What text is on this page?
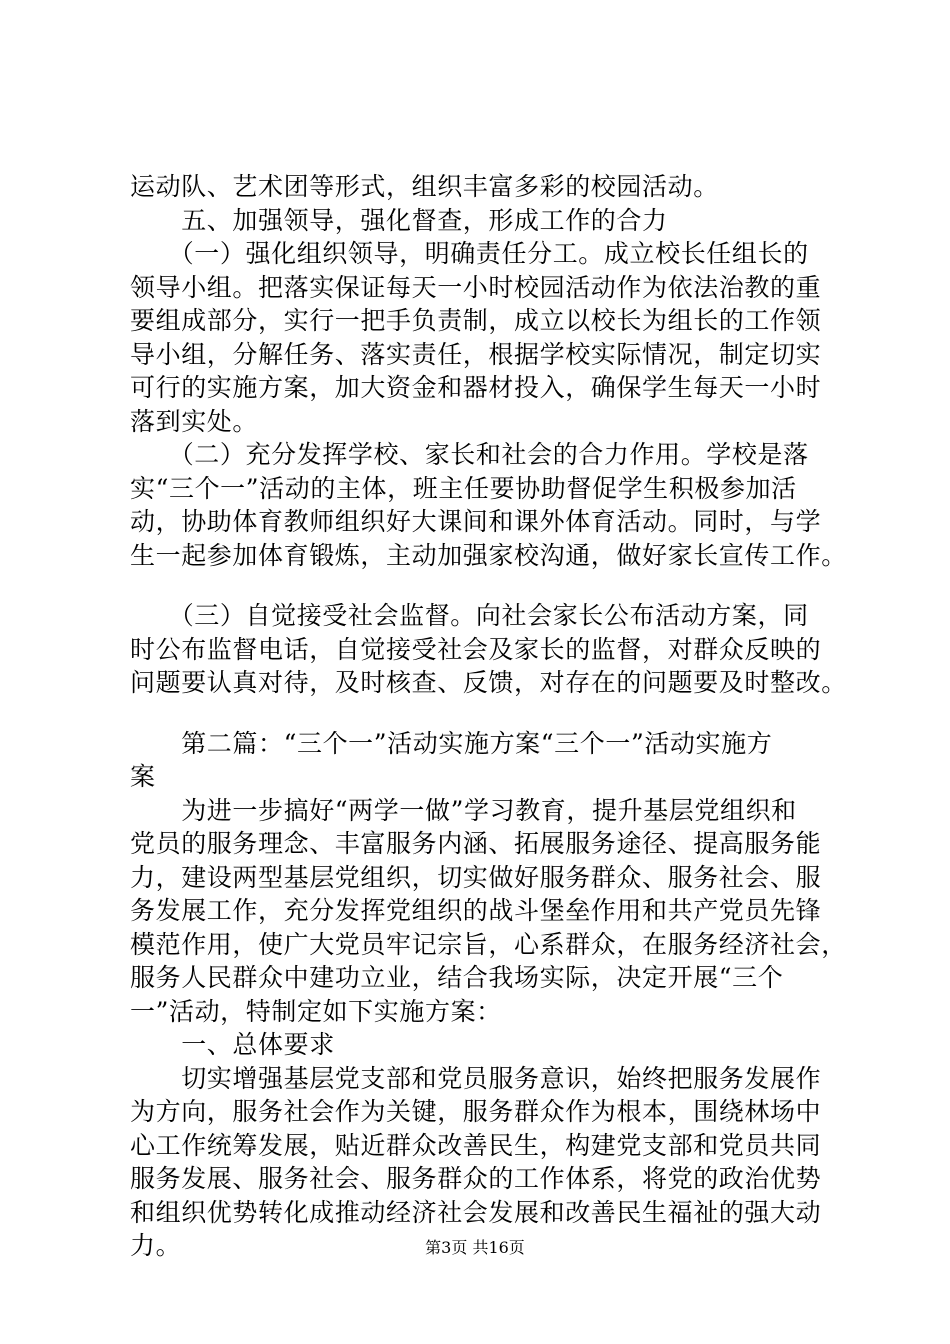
运动队、艺术团等形式，组织丰富多彩的校园活动。
　　五、加强领导，强化督查，形成工作的合力
　　（一）强化组织领导，明确责任分工。成立校长任组长的
领导小组。把落实保证每天一小时校园活动作为依法治教的重
要组成部分，实行一把手负责制，成立以校长为组长的工作领
导小组，分解任务、落实责任，根据学校实际情况，制定切实
可行的实施方案，加大资金和器材投入，确保学生每天一小时
落到实处。
　　（二）充分发挥学校、家长和社会的合力作用。学校是落
实“三个一”活动的主体，班主任要协助督促学生积极参加活
动，协助体育教师组织好大课间和课外体育活动。同时，与学
生一起参加体育锻炼，主动加强家校沟通，做好家长宣传工作。
　　（三）自觉接受社会监督。向社会家长公布活动方案，同
时公布监督电话，自觉接受社会及家长的监督，对群众反映的
问题要认真对待，及时核查、反馈，对存在的问题要及时整改。
　　第二篇：“三个一”活动实施方案“三个一”活动实施方
案
　　为进一步搞好“两学一做”学习教育，提升基层党组织和
党员的服务理念、丰富服务内涵、拓展服务途径、提高服务能
力，建设两型基层党组织，切实做好服务群众、服务社会、服
务发展工作，充分发挥党组织的战斗堡垒作用和共产党员先锋
模范作用，使广大党员牢记宗旨，心系群众，在服务经济社会，
服务人民群众中建功立业，结合我场实际，决定开展“三个
一”活动，特制定如下实施方案：
　　一、总体要求
　　切实增强基层党支部和党员服务意识，始终把服务发展作
为方向，服务社会作为关键，服务群众作为根本，围绕林场中
心工作统筹发展，贴近群众改善民生，构建党支部和党员共同
服务发展、服务社会、服务群众的工作体系，将党的政治优势
和组织优势转化成推动经济社会发展和改善民生福祉的强大动
力。	第3页 共16页
